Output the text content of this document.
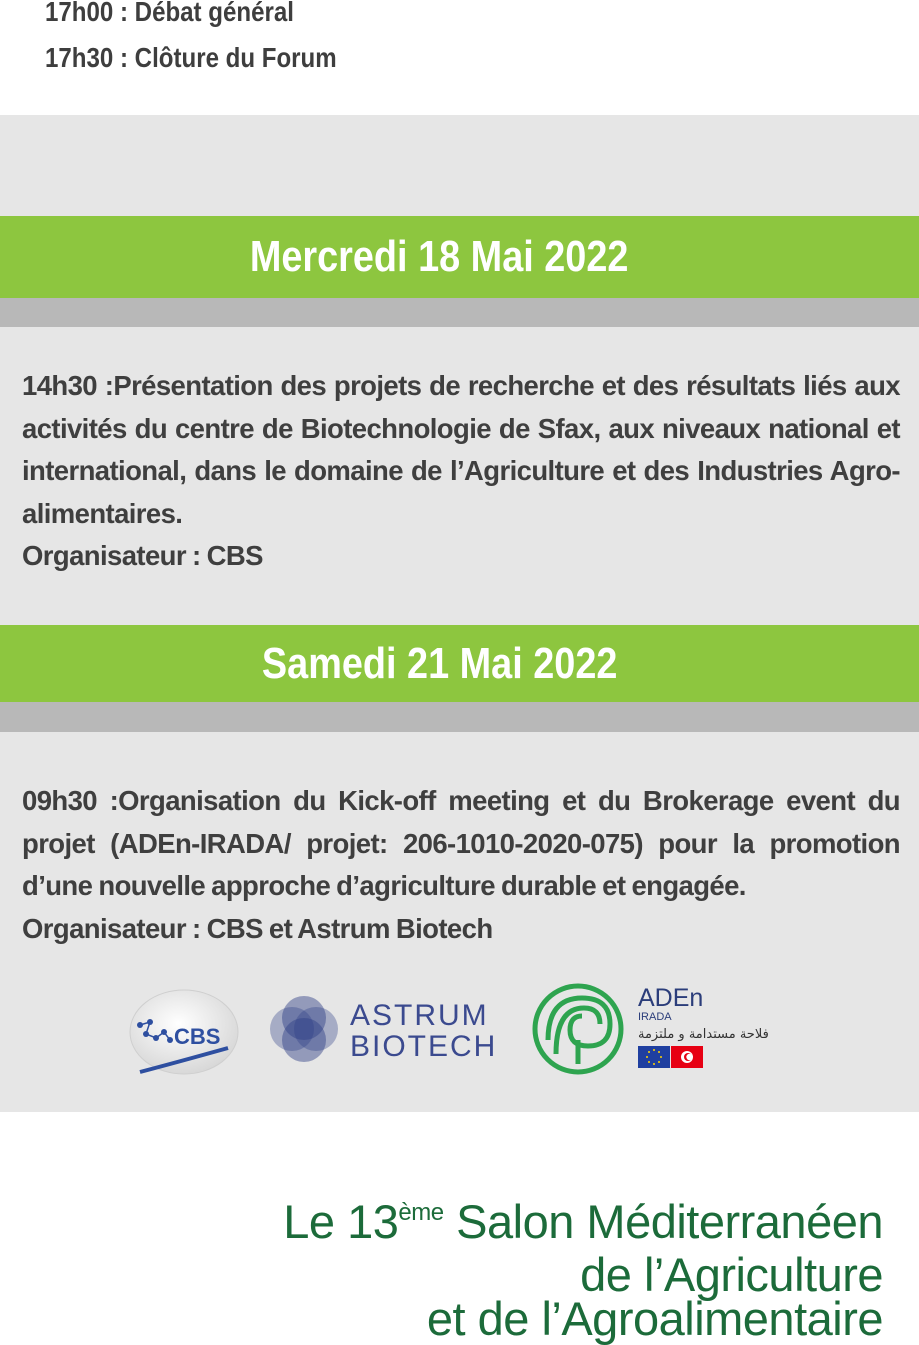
17h00 : Débat général
17h30 : Clôture du Forum
Mercredi 18 Mai 2022

14h30 :Présentation des projets de recherche et des résultats liés aux activités du centre de Biotechnologie de Sfax, aux niveaux national et international, dans le domaine de l’Agriculture et des Industries Agro-alimentaires.

Organisateur : CBS

Samedi 21 Mai 2022

09h30 :Organisation du Kick-off meeting et du Brokerage event du projet (ADEn-IRADA/ projet: 206-1010-2020-075) pour la promotion d’une nouvelle approche d’agriculture durable et engagée.

Organisateur : CBS et Astrum Biotech

CBS
ASTRUM
BIOTECH
ADEn
IRADA
فلاحة مستدامة و ملتزمة
Le 13ème Salon Méditerranéen
de l’Agriculture
et de l’Agroalimentaire
